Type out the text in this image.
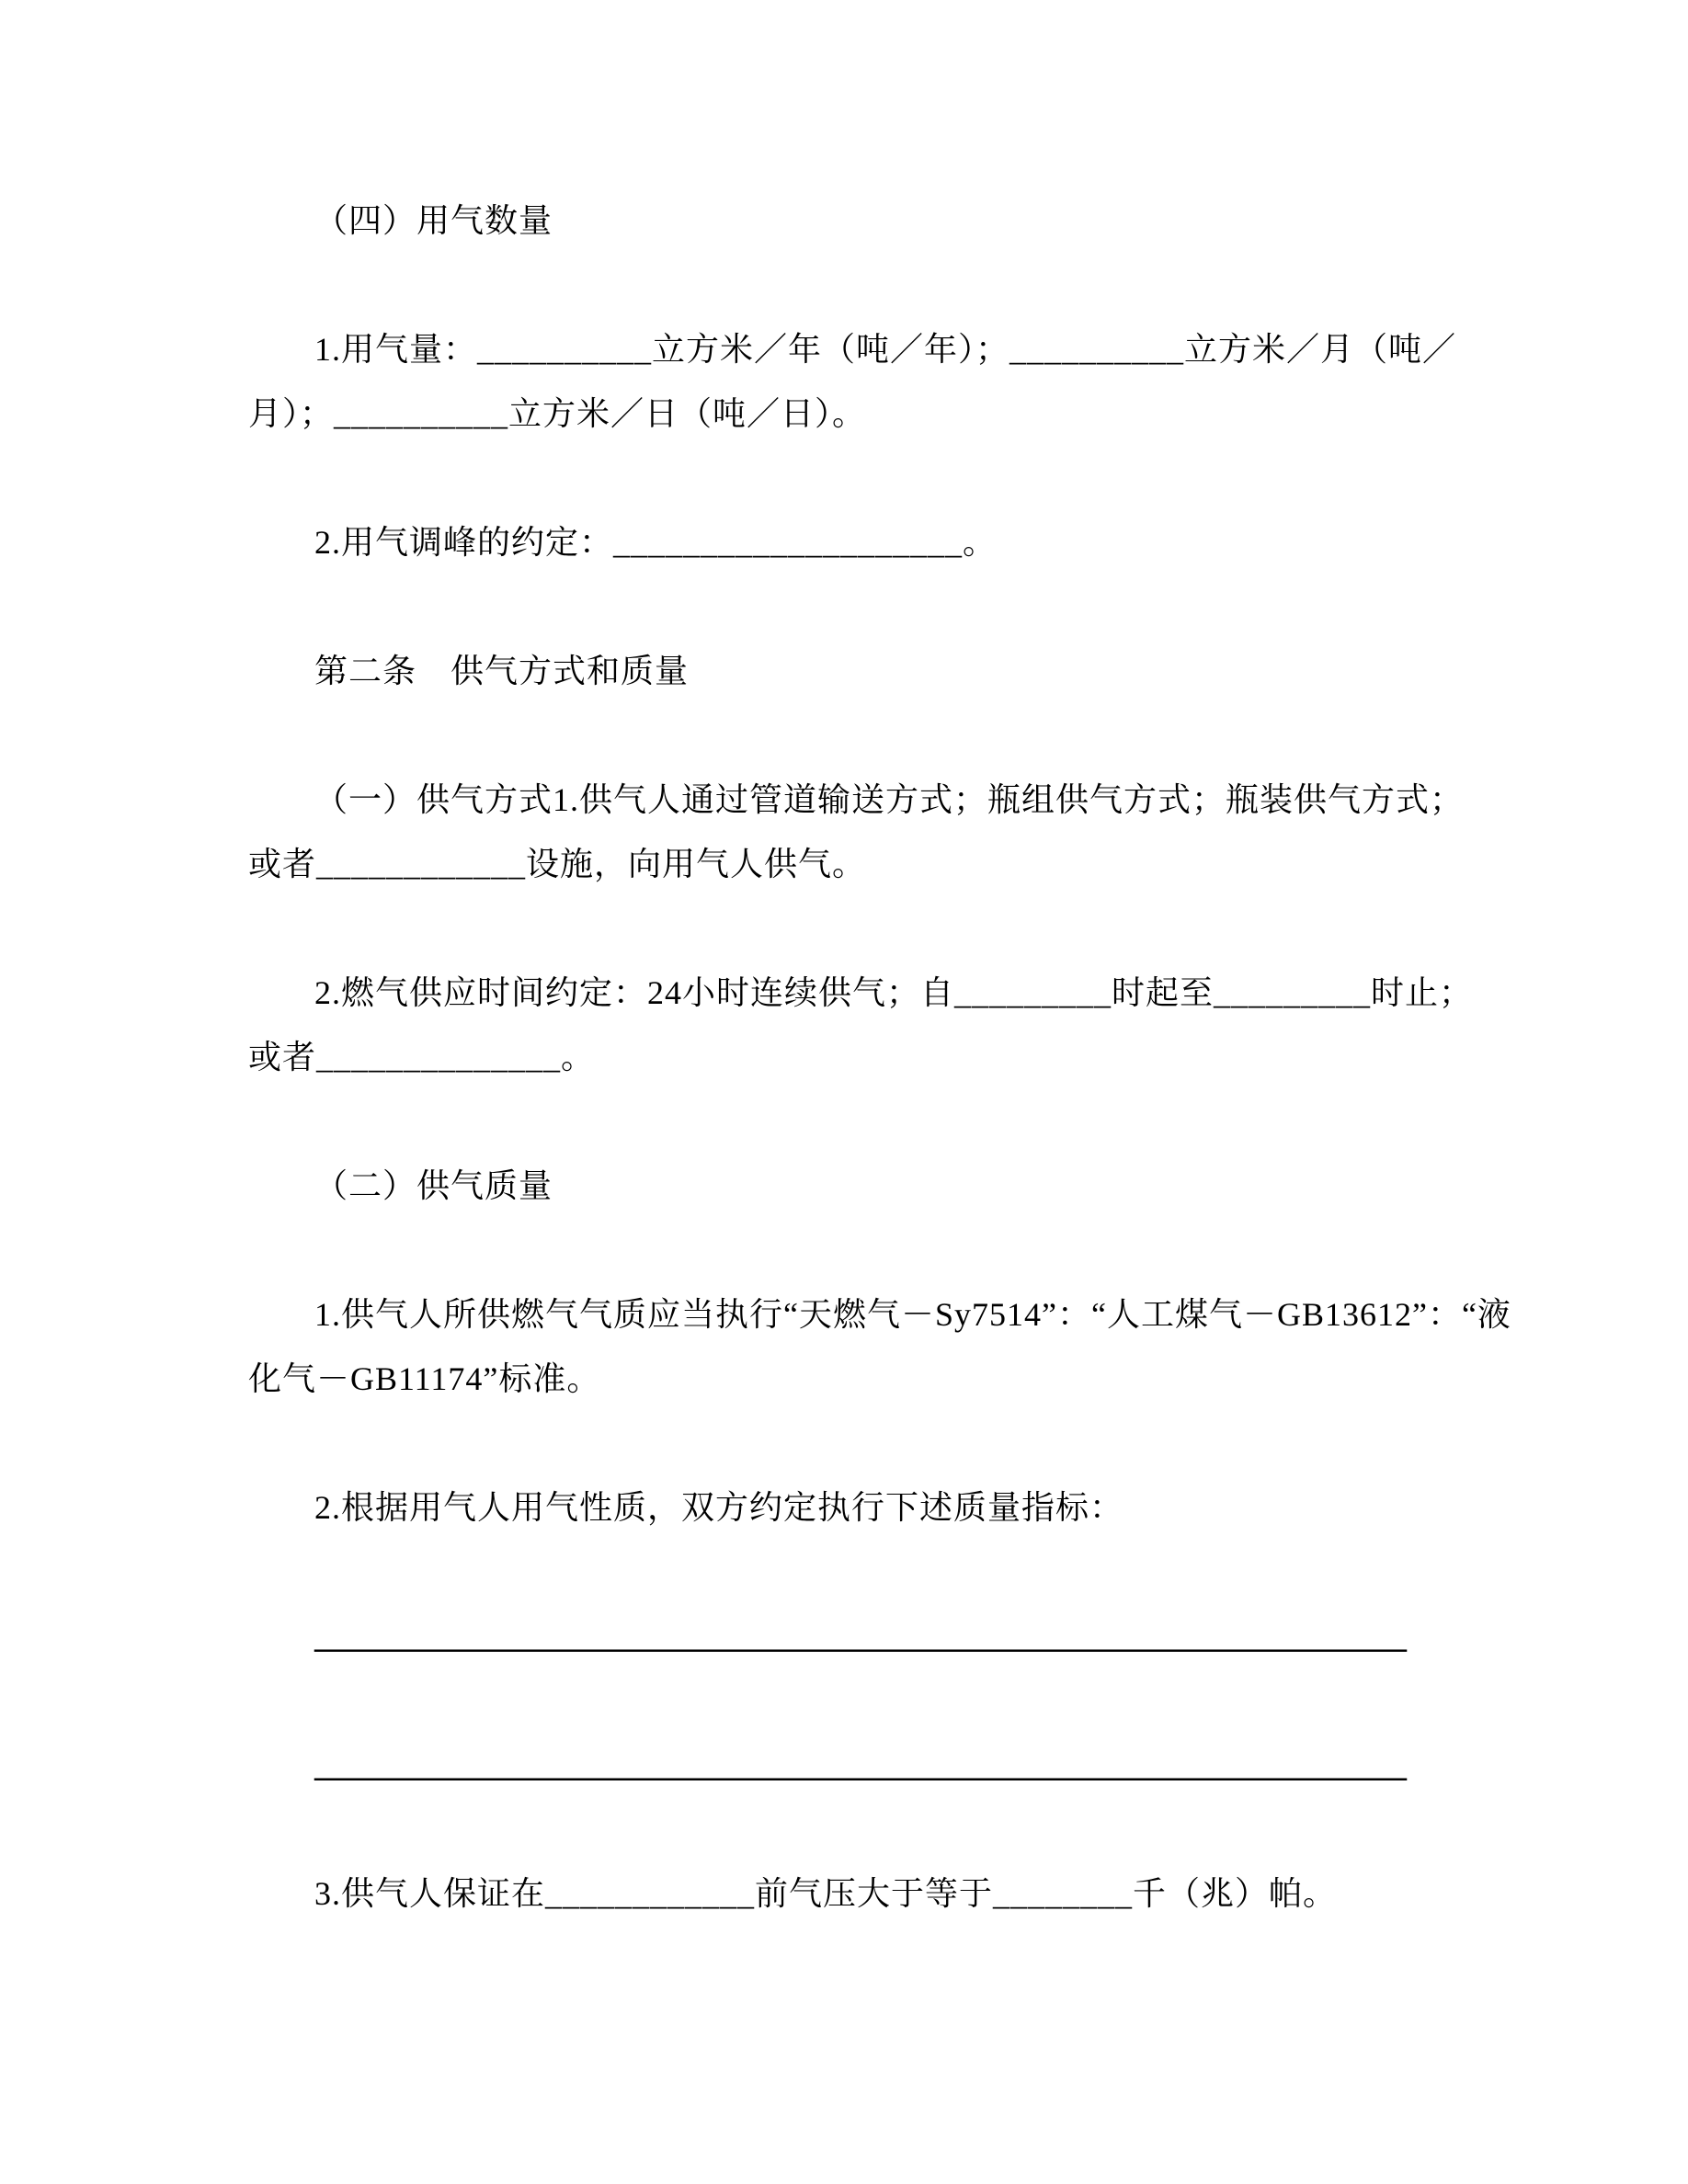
（四）用气数量
1.用气量：__________立方米／年（吨／年）；__________立方米／月（吨／
月）；__________立方米／日（吨／日）。
2.用气调峰的约定：____________________。
第二条　供气方式和质量
（一）供气方式1.供气人通过管道输送方式；瓶组供气方式；瓶装供气方式；
或者____________设施，向用气人供气。
2.燃气供应时间约定：24小时连续供气；自_________时起至_________时止；
或者______________。
（二）供气质量
1.供气人所供燃气气质应当执行“天燃气－Sy7514”：“人工煤气－GB13612”：“液
化气－GB11174”标准。
2.根据用气人用气性质，双方约定执行下述质量指标：
__________________________________________________________________
__________________________________________________________________
3.供气人保证在____________前气压大于等于________千（兆）帕。
